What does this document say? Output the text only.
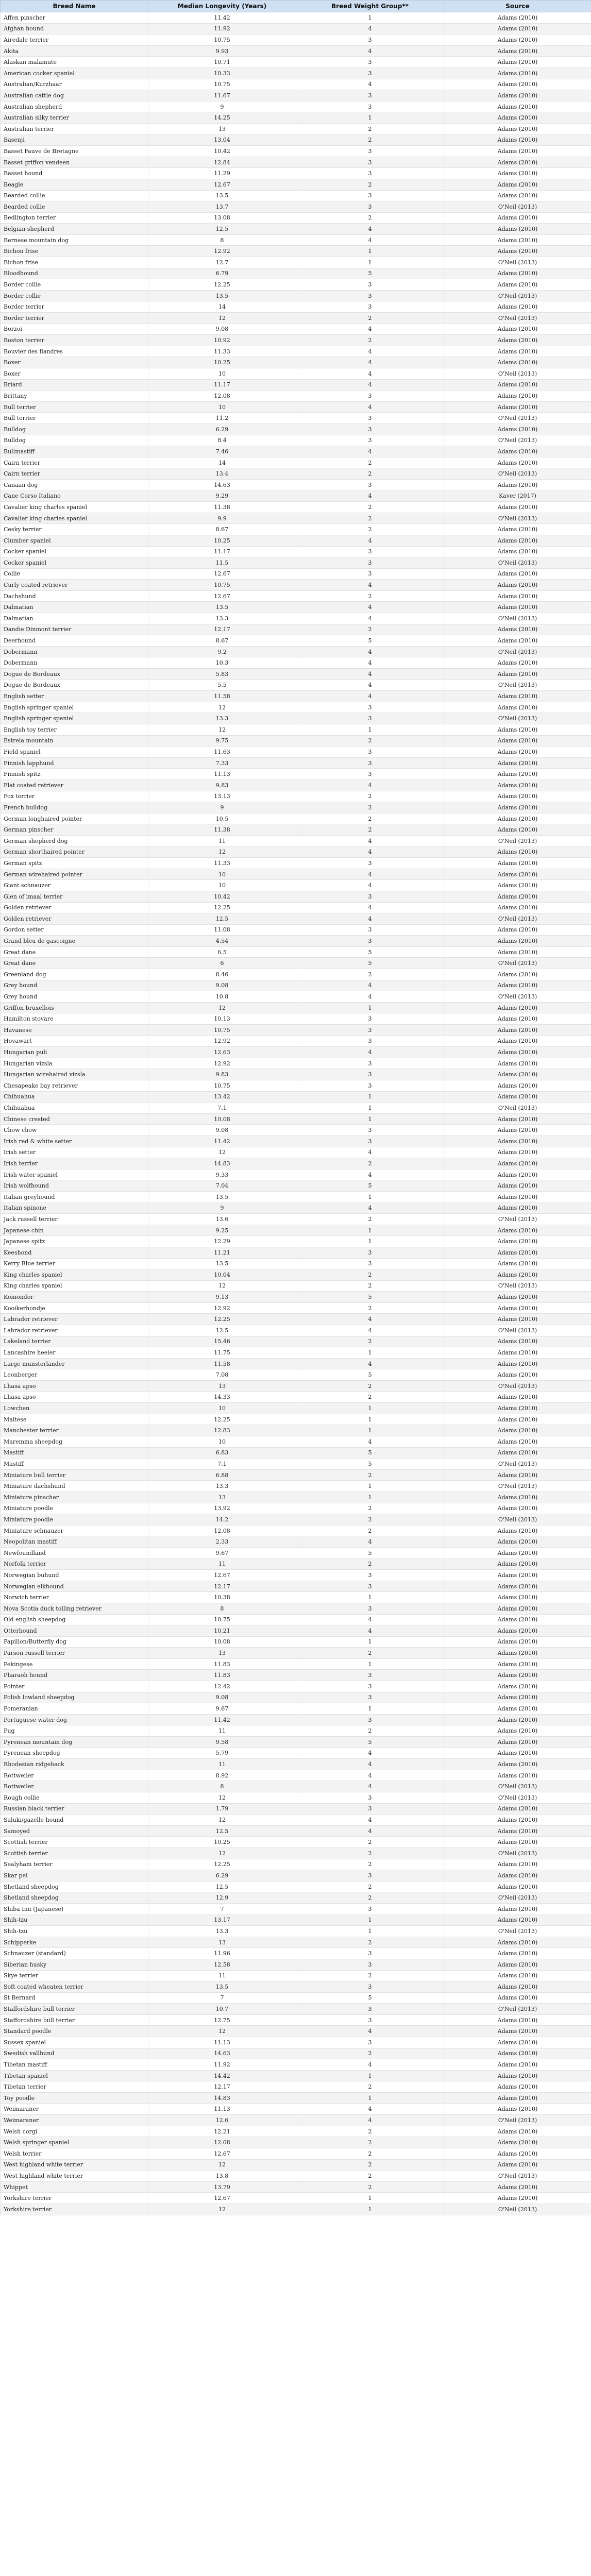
Breed Name	Median Longevity (Years)	Breed Weight Group**	Source
Affen pinscher	11.42	1	Adams (2010)
Afghan hound	11.92	4	Adams (2010)
Airedale terrier	10.75	3	Adams (2010)
Akita	9.93	4	Adams (2010)
Alaskan malamute	10.71	3	Adams (2010)
American cocker spaniel	10.33	3	Adams (2010)
Australian/Kurzhaar	10.75	4	Adams (2010)
Australian cattle dog	11.67	3	Adams (2010)
Australian shepherd	9	3	Adams (2010)
Australian silky terrier	14.25	1	Adams (2010)
Australian terrier	13	2	Adams (2010)
Basenji	13.04	2	Adams (2010)
Basset Fauve de Bretagne	10.42	3	Adams (2010)
Basset griffon vendeen	12.84	3	Adams (2010)
Basset hound	11.29	3	Adams (2010)
Beagle	12.67	2	Adams (2010)
Bearded collie	13.5	3	Adams (2010)
Bearded collie	13.7	3	O'Neil (2013)
Bedlington terrier	13.08	2	Adams (2010)
Belgian shepherd	12.5	4	Adams (2010)
Bernese mountain dog	8	4	Adams (2010)
Bichon frise	12.92	1	Adams (2010)
Bichon frise	12.7	1	O'Neil (2013)
Bloodhound	6.79	5	Adams (2010)
Border collie	12.25	3	Adams (2010)
Border collie	13.5	3	O'Neil (2013)
Border terrier	14	3	Adams (2010)
Border terrier	12	2	O'Neil (2013)
Borzoi	9.08	4	Adams (2010)
Boston terrier	10.92	2	Adams (2010)
Bouvier des flandres	11.33	4	Adams (2010)
Boxer	10.25	4	Adams (2010)
Boxer	10	4	O'Neil (2013)
Briard	11.17	4	Adams (2010)
Brittany	12.08	3	Adams (2010)
Bull terrier	10	4	Adams (2010)
Bull terrier	11.2	3	O'Neil (2013)
Bulldog	6.29	3	Adams (2010)
Bulldog	8.4	3	O'Neil (2013)
Bullmastiff	7.46	4	Adams (2010)
Cairn terrier	14	2	Adams (2010)
Cairn terrier	13.4	2	O'Neil (2013)
Canaan dog	14.63	3	Adams (2010)
Cane Corso Italiano	9.29	4	Kaver (2017)
Cavalier king charles spaniel	11.38	2	Adams (2010)
Cavalier king charles spaniel	9.9	2	O'Neil (2013)
Cesky terrier	8.67	2	Adams (2010)
Clumber spaniel	10.25	4	Adams (2010)
Cocker spaniel	11.17	3	Adams (2010)
Cocker spaniel	11.5	3	O'Neil (2013)
Collie	12.67	3	Adams (2010)
Curly coated retriever	10.75	4	Adams (2010)
Dachshund	12.67	2	Adams (2010)
Dalmatian	13.5	4	Adams (2010)
Dalmatian	13.3	4	O'Neil (2013)
Dandie Dinmont terrier	12.17	2	Adams (2010)
Deerhound	8.67	5	Adams (2010)
Dobermann	9.2	4	O'Neil (2013)
Dobermann	10.3	4	Adams (2010)
Dogue de Bordeaux	5.83	4	Adams (2010)
Dogue de Bordeaux	5.5	4	O'Neil (2013)
English setter	11.58	4	Adams (2010)
English springer spaniel	12	3	Adams (2010)
English springer spaniel	13.3	3	O'Neil (2013)
English toy terrier	12	1	Adams (2010)
Estrela mountain	9.75	2	Adams (2010)
Field spaniel	11.63	3	Adams (2010)
Finnish lapphund	7.33	3	Adams (2010)
Finnish spitz	11.13	3	Adams (2010)
Flat coated retriever	9.83	4	Adams (2010)
Fox terrier	13.13	2	Adams (2010)
French bulldog	9	2	Adams (2010)
German longhaired pointer	10.5	2	Adams (2010)
German pinscher	11.38	2	Adams (2010)
German shepherd dog	11	4	O'Neil (2013)
German shorthaired pointer	12	4	Adams (2010)
German spitz	11.33	3	Adams (2010)
German wirehaired pointer	10	4	Adams (2010)
Giant schnauzer	10	4	Adams (2010)
Glen of imaal terrier	10.42	3	Adams (2010)
Golden retriever	12.25	4	Adams (2010)
Golden retriever	12.5	4	O'Neil (2013)
Gordon setter	11.08	3	Adams (2010)
Grand bleu de gascoigne	4.54	3	Adams (2010)
Great dane	6.5	5	Adams (2010)
Great dane	6	5	O'Neil (2013)
Greenland dog	8.46	2	Adams (2010)
Grey hound	9.08	4	Adams (2010)
Grey hound	10.8	4	O'Neil (2013)
Griffon bruxellois	12	1	Adams (2010)
Hamilton stovare	10.13	3	Adams (2010)
Havanese	10.75	3	Adams (2010)
Hovawart	12.92	3	Adams (2010)
Hungarian puli	12.63	4	Adams (2010)
Hungarian vizsla	12.92	3	Adams (2010)
Hungarian wirehaired vizsla	9.83	3	Adams (2010)
Chesapeake bay retriever	10.75	3	Adams (2010)
Chihuahua	13.42	1	Adams (2010)
Chihuahua	7.1	1	O'Neil (2013)
Chinese crested	10.08	1	Adams (2010)
Chow chow	9.08	3	Adams (2010)
Irish red & white setter	11.42	3	Adams (2010)
Irish setter	12	4	Adams (2010)
Irish terrier	14.83	2	Adams (2010)
Irish water spaniel	9.33	4	Adams (2010)
Irish wolfhound	7.04	5	Adams (2010)
Italian greyhound	13.5	1	Adams (2010)
Italian spinone	9	4	Adams (2010)
Jack russell terrier	13.6	2	O'Neil (2013)
Japanese chin	9.25	1	Adams (2010)
Japanese spitz	12.29	1	Adams (2010)
Keeshond	11.21	3	Adams (2010)
Kerry Blue terrier	13.5	3	Adams (2010)
King charles spaniel	10.04	2	Adams (2010)
King charles spaniel	12	2	O'Neil (2013)
Komondor	9.13	5	Adams (2010)
Kooikerhondje	12.92	2	Adams (2010)
Labrador retriever	12.25	4	Adams (2010)
Labrador retriever	12.5	4	O'Neil (2013)
Lakeland terrier	15.46	2	Adams (2010)
Lancashire heeler	11.75	1	Adams (2010)
Large munsterlander	11.58	4	Adams (2010)
Leonberger	7.08	5	Adams (2010)
Lhasa apso	13	2	O'Neil (2013)
Lhasa apso	14.33	2	Adams (2010)
Lowchen	10	1	Adams (2010)
Maltese	12.25	1	Adams (2010)
Manchester terrier	12.83	1	Adams (2010)
Maremma sheepdog	10	4	Adams (2010)
Mastiff	6.83	5	Adams (2010)
Mastiff	7.1	5	O'Neil (2013)
Miniature bull terrier	6.88	2	Adams (2010)
Miniature dachshund	13.3	1	O'Neil (2013)
Miniature pinscher	13	1	Adams (2010)
Miniature poodle	13.92	2	Adams (2010)
Miniature poodle	14.2	2	O'Neil (2013)
Miniature schnauzer	12.08	2	Adams (2010)
Neopolitan mastiff	2.33	4	Adams (2010)
Newfoundland	9.67	5	Adams (2010)
Norfolk terrier	11	2	Adams (2010)
Norwegian buhund	12.67	3	Adams (2010)
Norwegian elkhound	12.17	3	Adams (2010)
Norwich terrier	10.38	1	Adams (2010)
Nova Scotia duck tolling retriever	8	3	Adams (2010)
Old english sheepdog	10.75	4	Adams (2010)
Otterhound	10.21	4	Adams (2010)
Papillon/Butterfly dog	10.08	1	Adams (2010)
Parson russell terrier	13	2	Adams (2010)
Pekingese	11.83	1	Adams (2010)
Pharaoh hound	11.83	3	Adams (2010)
Pointer	12.42	3	Adams (2010)
Polish lowland sheepdog	9.08	3	Adams (2010)
Pomeranian	9.67	1	Adams (2010)
Portuguese water dog	11.42	3	Adams (2010)
Pug	11	2	Adams (2010)
Pyrenean mountain dog	9.58	5	Adams (2010)
Pyrenean sheepdog	5.79	4	Adams (2010)
Rhodesian ridgeback	11	4	Adams (2010)
Rottweiler	8.92	4	Adams (2010)
Rottweiler	8	4	O'Neil (2013)
Rough collie	12	3	O'Neil (2013)
Russian black terrier	1.79	3	Adams (2010)
Saluki/gazelle hound	12	4	Adams (2010)
Samoyed	12.5	4	Adams (2010)
Scottish terrier	10.25	2	Adams (2010)
Scottish terrier	12	2	O'Neil (2013)
Sealyham terrier	12.25	2	Adams (2010)
Skar pei	6.29	3	Adams (2010)
Shetland sheepdog	12.5	2	Adams (2010)
Shetland sheepdog	12.9	2	O'Neil (2013)
Shiba Inu (Japanese)	7	3	Adams (2010)
Shih-tzu	13.17	1	Adams (2010)
Shih-tzu	13.3	1	O'Neil (2013)
Schipperke	13	2	Adams (2010)
Schnauzer (standard)	11.96	3	Adams (2010)
Siberian husky	12.58	3	Adams (2010)
Skye terrier	11	2	Adams (2010)
Soft coated wheaten terrier	13.5	3	Adams (2010)
St Bernard	7	5	Adams (2010)
Staffordshire bull terrier	10.7	3	O'Neil (2013)
Staffordshire bull terrier	12.75	3	Adams (2010)
Standard poodle	12	4	Adams (2010)
Sussex spaniel	11.13	3	Adams (2010)
Swedish vallhund	14.63	2	Adams (2010)
Tibetan mastiff	11.92	4	Adams (2010)
Tibetan spaniel	14.42	1	Adams (2010)
Tibetan terrier	12.17	2	Adams (2010)
Toy poodle	14.83	1	Adams (2010)
Weimaraner	11.13	4	Adams (2010)
Weimaraner	12.6	4	O'Neil (2013)
Welsh corgi	12.21	2	Adams (2010)
Welsh springer spaniel	12.08	2	Adams (2010)
Welsh terrier	12.67	2	Adams (2010)
West highland white terrier	12	2	Adams (2010)
West highland white terrier	13.8	2	O'Neil (2013)
Whippet	13.79	2	Adams (2010)
Yorkshire terrier	12.67	1	Adams (2010)
Yorkshire terrier	12	1	O'Neil (2013)
